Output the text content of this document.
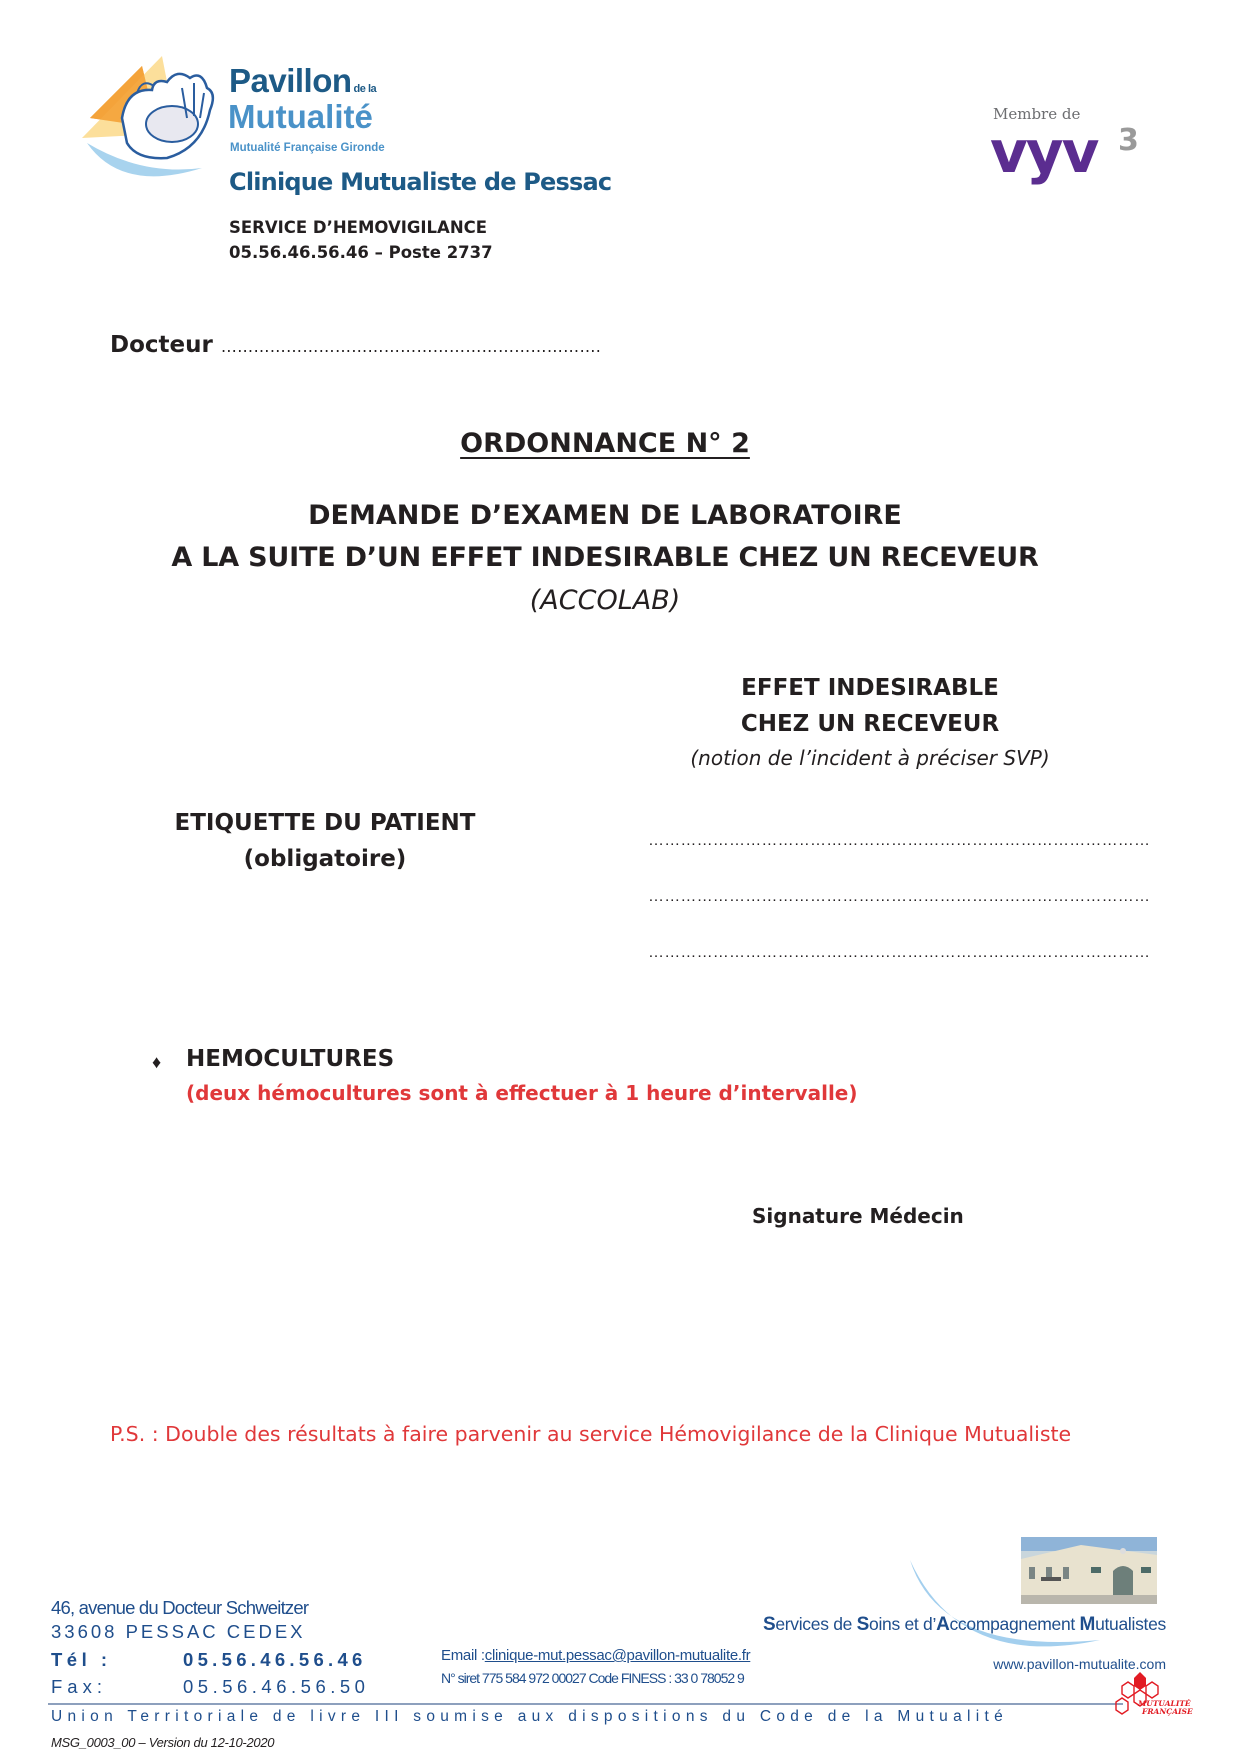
Pavillon de la
Mutualité
Mutualité Française Gironde
Clinique Mutualiste de Pessac
SERVICE D’HEMOVIGILANCE
05.56.46.56.46 – Poste 2737
Membre de
vyv 3
Docteur …………………………………………………………….
ORDONNANCE N° 2
DEMANDE D’EXAMEN DE LABORATOIRE
A LA SUITE D’UN EFFET INDESIRABLE CHEZ UN RECEVEUR
(ACCOLAB)
EFFET INDESIRABLE
CHEZ UN RECEVEUR
(notion de l’incident à préciser SVP)
…………………………………………………………………………………
…………………………………………………………………………………
…………………………………………………………………………………
ETIQUETTE DU PATIENT
(obligatoire)
♦ HEMOCULTURES
(deux hémocultures sont à effectuer à 1 heure d’intervalle)
Signature Médecin
P.S. : Double des résultats à faire parvenir au service Hémovigilance de la Clinique Mutualiste
46, avenue du Docteur Schweitzer
33608 PESSAC CEDEX
Tél :	05.56.46.56.46
Fax:	05.56.46.56.50
Email :clinique-mut.pessac@pavillon-mutualite.fr
N° siret 775 584 972 00027 Code FINESS : 33 0 78052 9
Services de Soins et d’Accompagnement Mutualistes
www.pavillon-mutualite.com
Union Territoriale de livre III soumise aux dispositions du Code de la Mutualité
MSG_0003_00 – Version du 12-10-2020
MUTUALITÉ
FRANÇAISE
